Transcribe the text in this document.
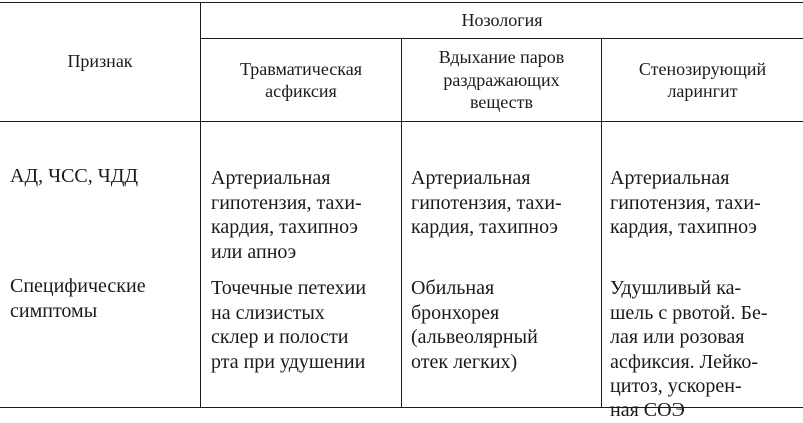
Признак
Нозология
Травматическая
асфиксия
Вдыхание паров
раздражающих
веществ
Стенозирующий
ларингит

АД, ЧСС, ЧДД	Артериальная
гипотензия, тахи-
кардия, тахипноэ
или апноэ

Артериальная
гипотензия, тахи-
кардия, тахипноэ

Артериальная
гипотензия, тахи-
кардия, тахипноэ

Специфические
симптомы

Точечные петехии
на слизистых
склер и полости
рта при удушении

Обильная
бронхорея
(альвеолярный
отек легких)

Удушливый ка-
шель с рвотой. Бе-
лая или розовая
асфиксия. Лейко-
цитоз, ускорен-
ная СОЭ
